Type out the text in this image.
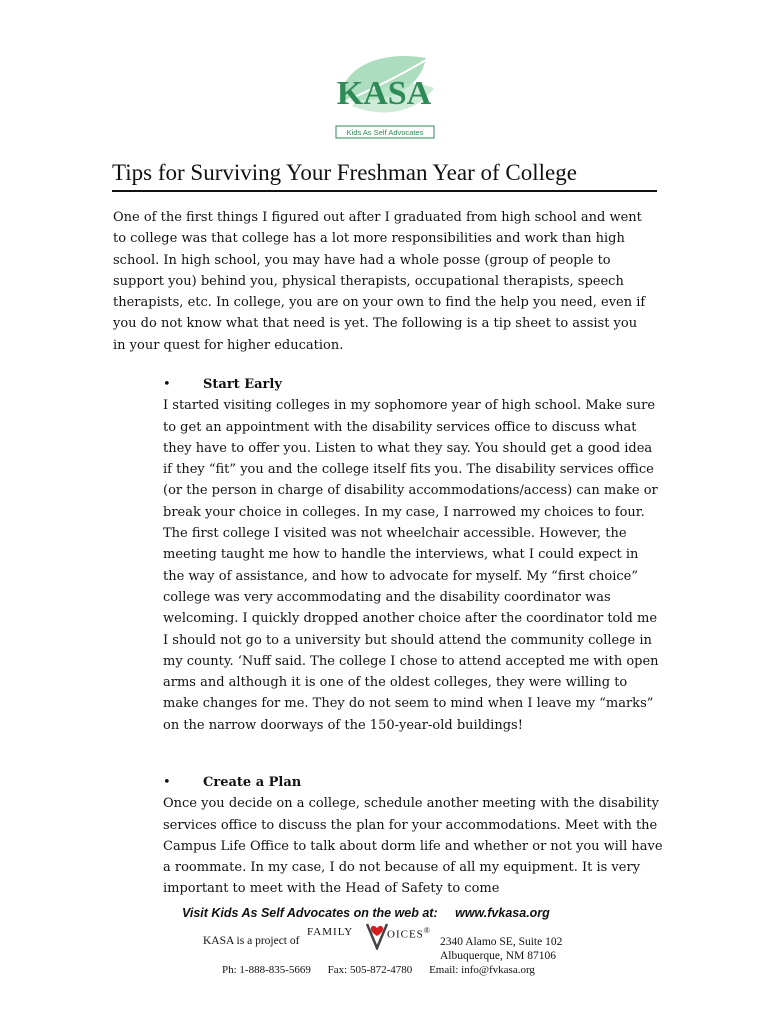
KASA
Kids As Self Advocates
Tips for Surviving Your Freshman Year of College

One of the first things I figured out after I graduated from high school and went to college was that college has a lot more responsibilities and work than high school. In high school, you may have had a whole posse (group of people to support you) behind you, physical therapists, occupational therapists, speech therapists, etc. In college, you are on your own to find the help you need, even if you do not know what that need is yet. The following is a tip sheet to assist you in your quest for higher education.

• Start Early

I started visiting colleges in my sophomore year of high school. Make sure to get an appointment with the disability services office to discuss what they have to offer you. Listen to what they say. You should get a good idea if they “fit” you and the college itself fits you. The disability services office (or the person in charge of disability accommodations/access) can make or break your choice in colleges. In my case, I narrowed my choices to four. The first college I visited was not wheelchair accessible. However, the meeting taught me how to handle the interviews, what I could expect in the way of assistance, and how to advocate for myself. My “first choice” college was very accommodating and the disability coordinator was welcoming. I quickly dropped another choice after the coordinator told me I should not go to a university but should attend the community college in my county. ‘Nuff said. The college I chose to attend accepted me with open arms and although it is one of the oldest colleges, they were willing to make changes for me. They do not seem to mind when I leave my “marks” on the narrow doorways of the 150-year-old buildings!

• Create a Plan

Once you decide on a college, schedule another meeting with the disability services office to discuss the plan for your accommodations. Meet with the Campus Life Office to talk about dorm life and whether or not you will have a roommate. In my case, I do not because of all my equipment. It is very important to meet with the Head of Safety to come

Visit Kids As Self Advocates on the web at: www.fvkasa.org
KASA is a project of
FAMILY	OICES®
2340 Alamo SE, Suite 102
Albuquerque, NM 87106
Ph: 1-888-835-5669 Fax: 505-872-4780 Email: info@fvkasa.org
